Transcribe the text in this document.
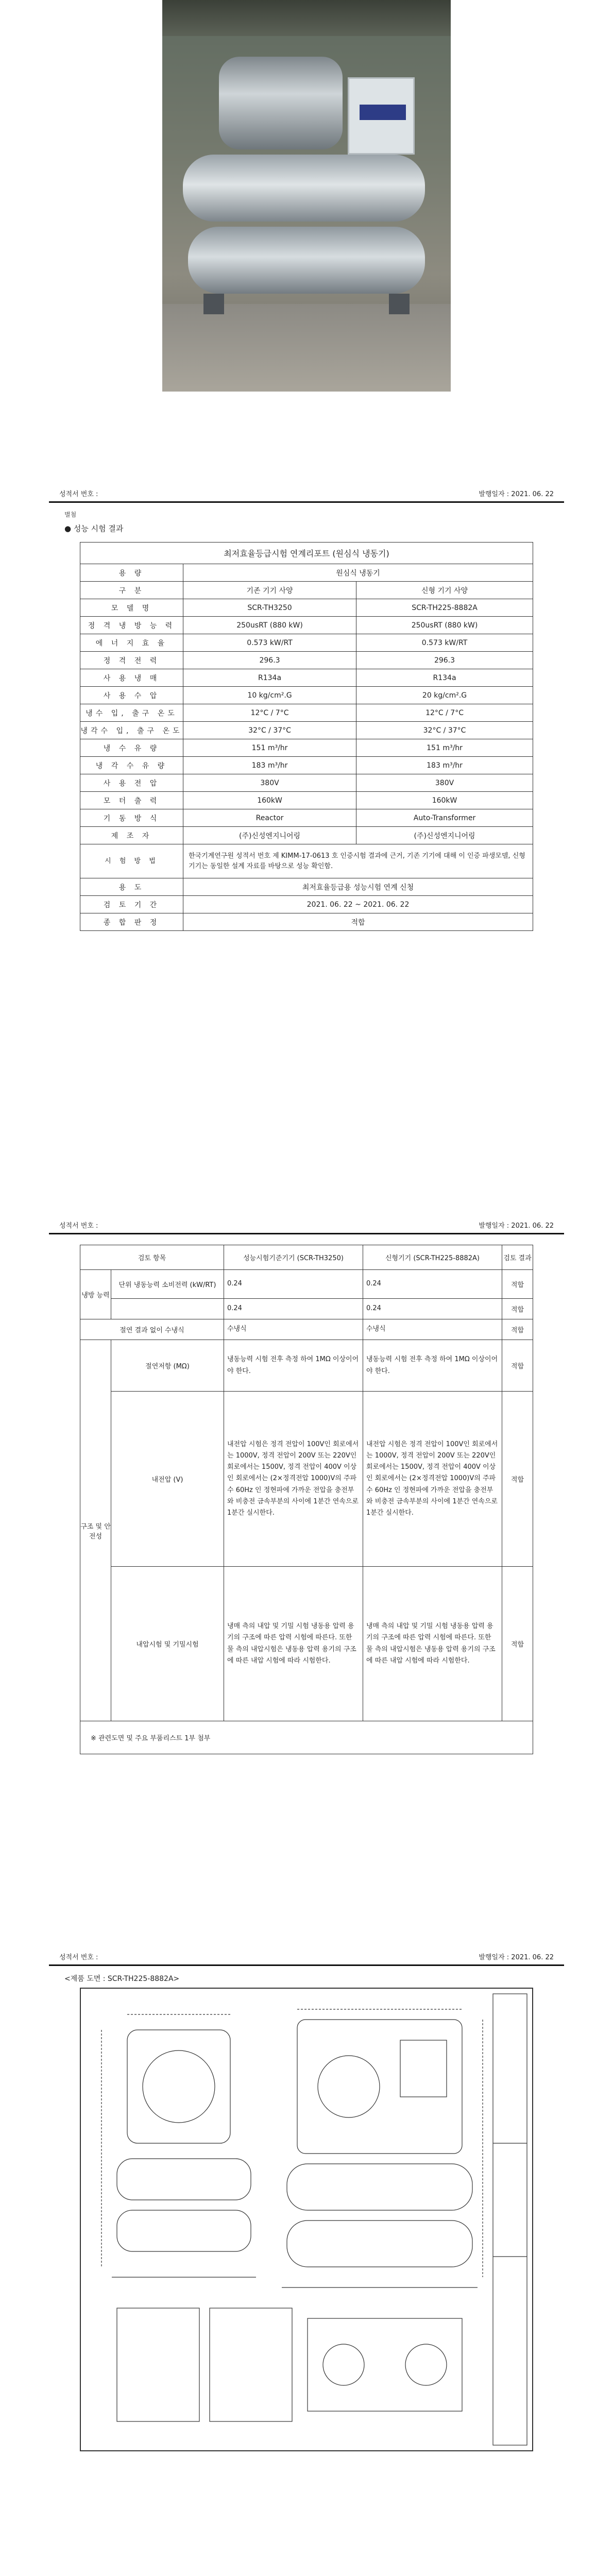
성적서 번호 :	발행일자 : 2021. 06. 22
별첨
● 성능 시험 결과
최저효율등급시험 연계리포트 (원심식 냉동기)		
용 량	원심식 냉동기	
구 분	기존 기기 사양	신형 기기 사양
모 델 명	SCR-TH3250	SCR-TH225-8882A
정 격 냉 방 능 력	250usRT (880 kW)	250usRT (880 kW)
에 너 지 효 율	0.573 kW/RT	0.573 kW/RT
정 격 전 력	296.3	296.3
사 용 냉 매	R134a	R134a
사 용 수 압	10 kg/cm².G	20 kg/cm².G
냉수 입, 출구 온도	12°C / 7°C	12°C / 7°C
냉각수 입, 출구 온도	32°C / 37°C	32°C / 37°C
냉 수 유 량	151 m³/hr	151 m³/hr
냉 각 수 유 량	183 m³/hr	183 m³/hr
사 용 전 압	380V	380V
모 터 출 력	160kW	160kW
기 동 방 식	Reactor	Auto-Transformer
제 조 자	(주)신성엔지니어링	(주)신성엔지니어링
시 험 방 법	한국기계연구원 성적서 번호 제 KIMM-17-0613 호 인증시험 결과에 근거, 기존 기기에 대해 이 인증 파생모델, 신형기기는 동일한 설계 자료를 바탕으로 성능 확인함.	
용 도	최저효율등급용 성능시험 연계 신청	
검 토 기 간	2021. 06. 22 ~ 2021. 06. 22	
종 합 판 정	적합	
성적서 번호 :	발행일자 : 2021. 06. 22
검토 항목		성능시험기준기기 (SCR-TH3250)	신형기기 (SCR-TH225-8882A)	검토 결과
냉방 능력	단위 냉동능력 소비전력 (kW/RT)	0.24	0.24	적합
		0.24	0.24	적합
절연 결과 없이 수냉식		수냉식	수냉식	적합
구조 및 안전성	절연저항 (MΩ)	냉동능력 시험 전후 측정 하여 1MΩ 이상이어야 한다.	냉동능력 시험 전후 측정 하여 1MΩ 이상이어야 한다.	적합
	내전압 (V)	내전압 시험은 정격 전압이 100V인 회로에서는 1000V, 정격 전압이 200V 또는 220V인 회로에서는 1500V, 정격 전압이 400V 이상인 회로에서는 (2×정격전압 1000)V의 주파수 60Hz 인 정현파에 가까운 전압을 충전부와 비충전 금속부분의 사이에 1분간 연속으로 1분간 실시한다.	내전압 시험은 정격 전압이 100V인 회로에서는 1000V, 정격 전압이 200V 또는 220V인 회로에서는 1500V, 정격 전압이 400V 이상인 회로에서는 (2×정격전압 1000)V의 주파수 60Hz 인 정현파에 가까운 전압을 충전부와 비충전 금속부분의 사이에 1분간 연속으로 1분간 실시한다.	적합
	내압시험 및 기밀시험	냉매 측의 내압 및 기밀 시험 냉동용 압력 용기의 구조에 따른 압력 시험에 따른다. 또한 물 측의 내압시험은 냉동용 압력 용기의 구조에 따른 내압 시험에 따라 시험한다.	냉매 측의 내압 및 기밀 시험 냉동용 압력 용기의 구조에 따른 압력 시험에 따른다. 또한 물 측의 내압시험은 냉동용 압력 용기의 구조에 따른 내압 시험에 따라 시험한다.	적합
※ 관련도면 및 주요 부품리스트 1부 첨부
성적서 번호 :	발행일자 : 2021. 06. 22
<제품 도면 : SCR-TH225-8882A>
